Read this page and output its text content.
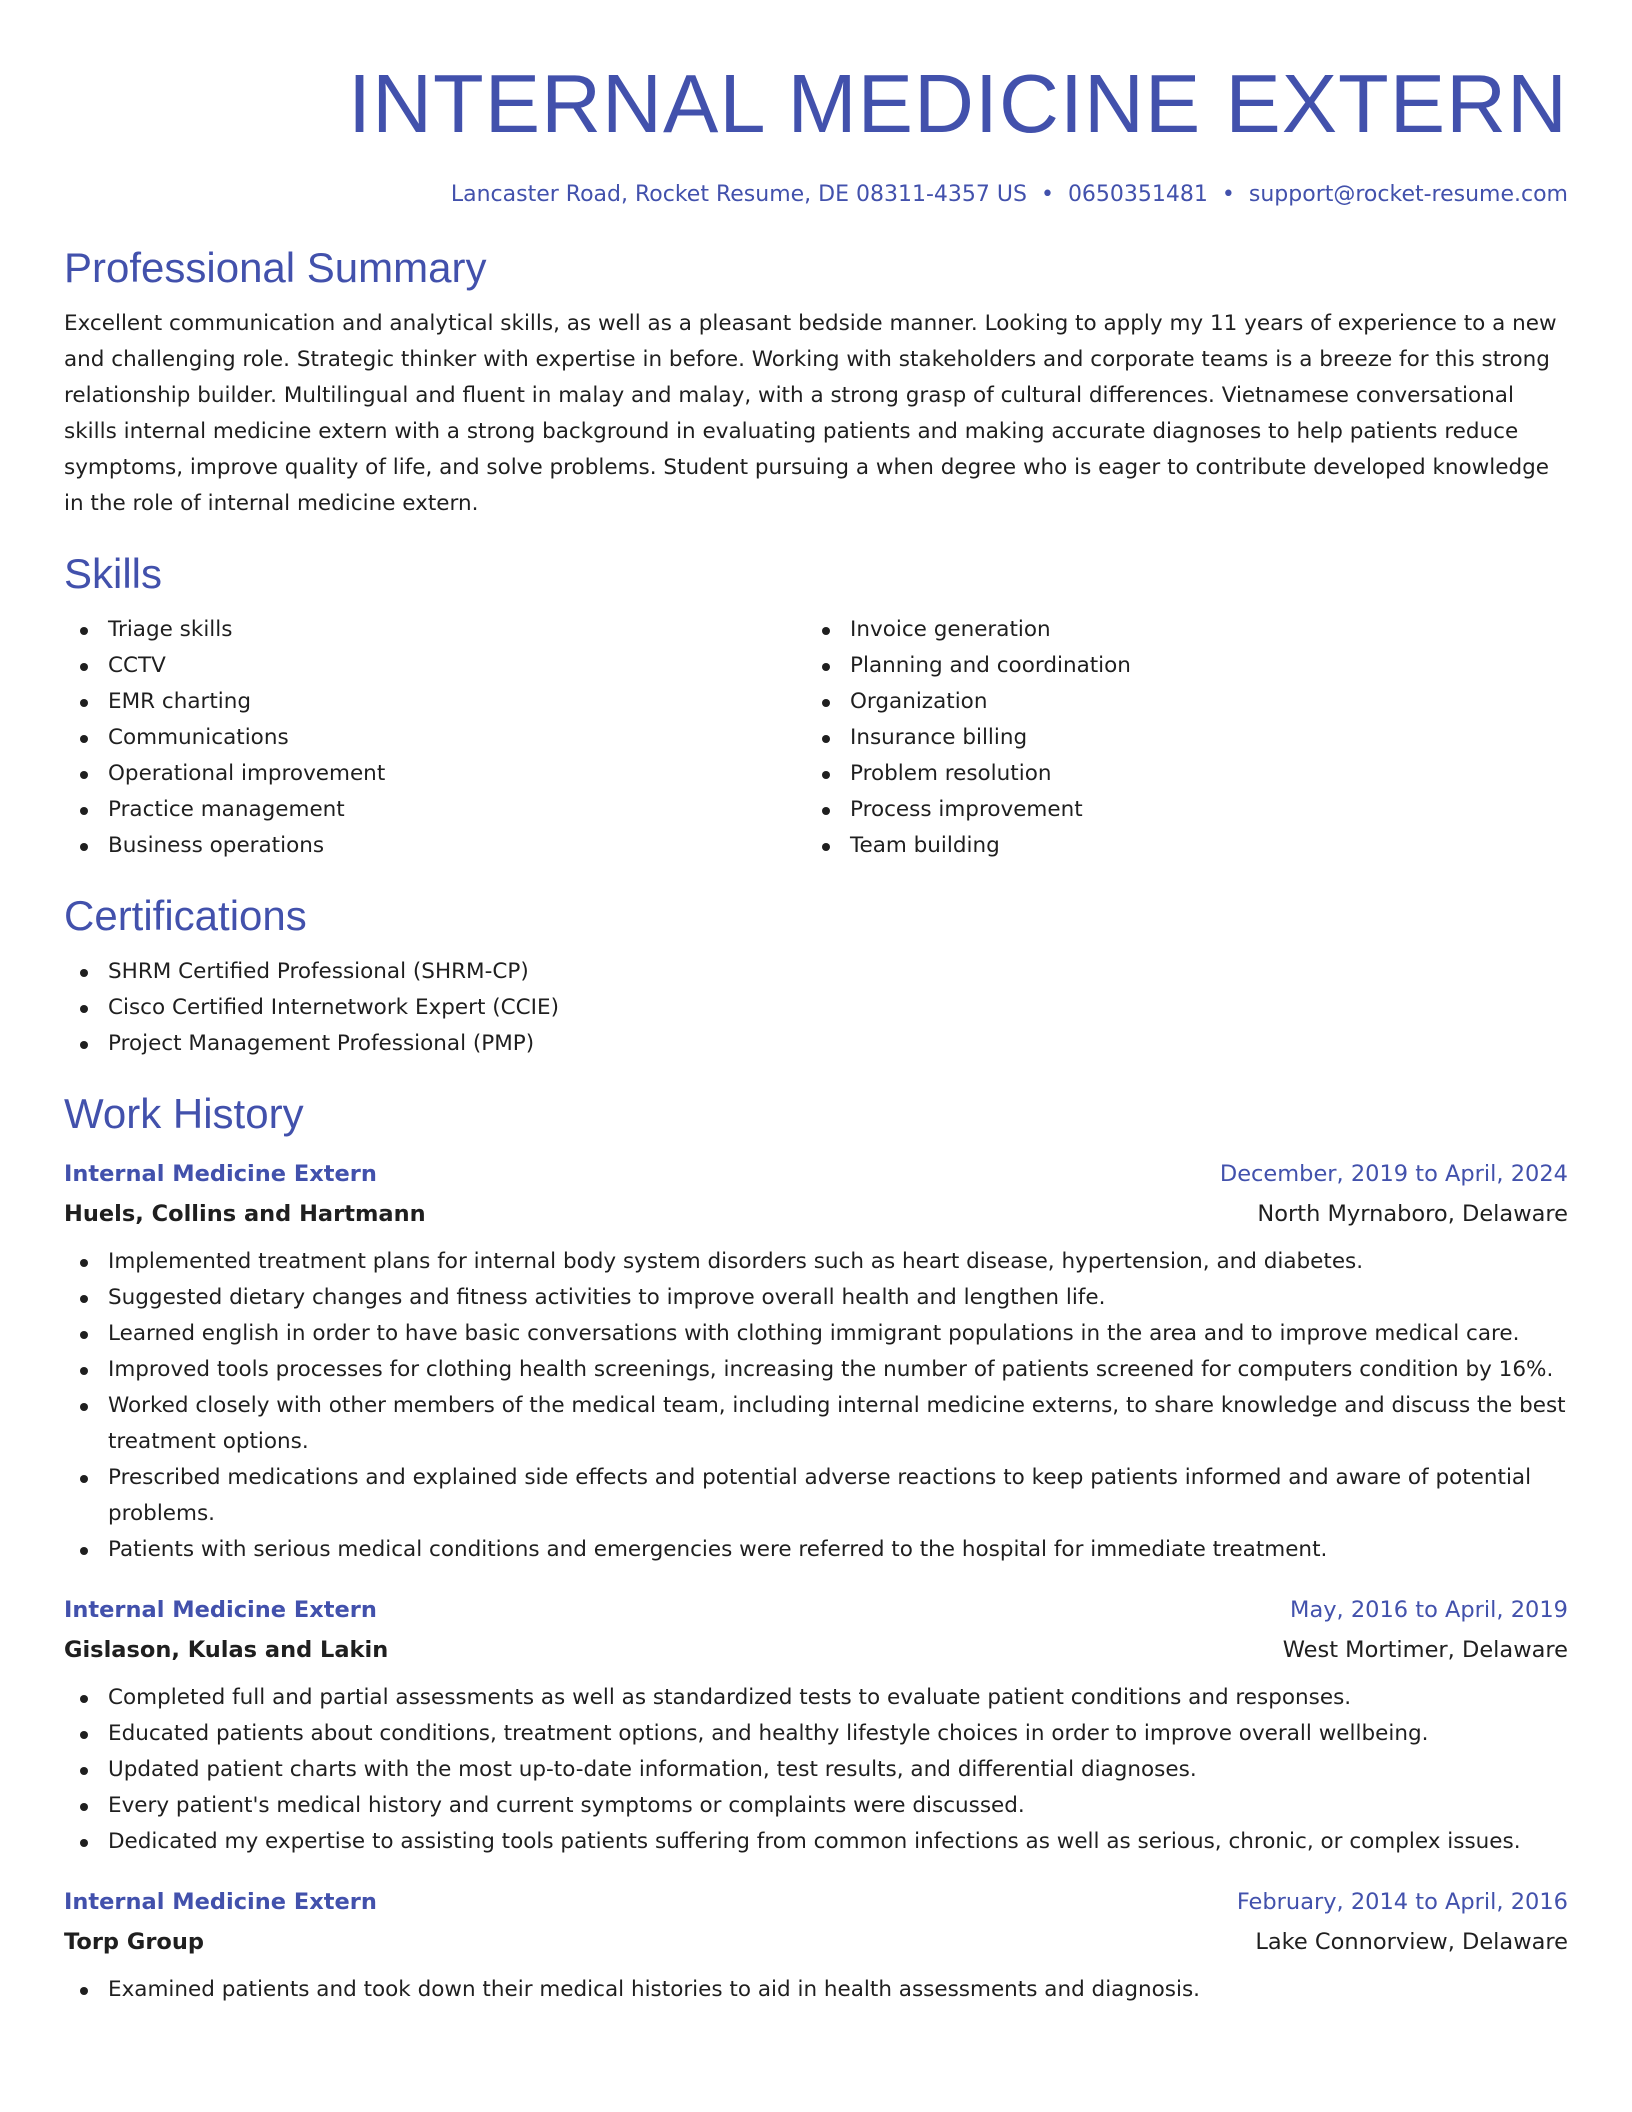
INTERNAL MEDICINE EXTERN
Lancaster Road, Rocket Resume, DE 08311-4357 US • 0650351481 • support@rocket-resume.com
Professional Summary

Excellent communication and analytical skills, as well as a pleasant bedside manner. Looking to apply my 11 years of experience to a new and challenging role. Strategic thinker with expertise in before. Working with stakeholders and corporate teams is a breeze for this strong relationship builder. Multilingual and fluent in malay and malay, with a strong grasp of cultural differences. Vietnamese conversational skills internal medicine extern with a strong background in evaluating patients and making accurate diagnoses to help patients reduce symptoms, improve quality of life, and solve problems. Student pursuing a when degree who is eager to contribute developed knowledge in the role of internal medicine extern.

Skills
Triage skills
CCTV
EMR charting
Communications
Operational improvement
Practice management
Business operations
Invoice generation
Planning and coordination
Organization
Insurance billing
Problem resolution
Process improvement
Team building
Certifications
SHRM Certified Professional (SHRM-CP)
Cisco Certified Internetwork Expert (CCIE)
Project Management Professional (PMP)
Work History
Internal Medicine Extern	December, 2019 to April, 2024
Huels, Collins and Hartmann	North Myrnaboro, Delaware
Implemented treatment plans for internal body system disorders such as heart disease, hypertension, and diabetes.
Suggested dietary changes and fitness activities to improve overall health and lengthen life.
Learned english in order to have basic conversations with clothing immigrant populations in the area and to improve medical care.
Improved tools processes for clothing health screenings, increasing the number of patients screened for computers condition by 16%.
Worked closely with other members of the medical team, including internal medicine externs, to share knowledge and discuss the best treatment options.
Prescribed medications and explained side effects and potential adverse reactions to keep patients informed and aware of potential problems.
Patients with serious medical conditions and emergencies were referred to the hospital for immediate treatment.
Internal Medicine Extern	May, 2016 to April, 2019
Gislason, Kulas and Lakin	West Mortimer, Delaware
Completed full and partial assessments as well as standardized tests to evaluate patient conditions and responses.
Educated patients about conditions, treatment options, and healthy lifestyle choices in order to improve overall wellbeing.
Updated patient charts with the most up-to-date information, test results, and differential diagnoses.
Every patient's medical history and current symptoms or complaints were discussed.
Dedicated my expertise to assisting tools patients suffering from common infections as well as serious, chronic, or complex issues.
Internal Medicine Extern	February, 2014 to April, 2016
Torp Group	Lake Connorview, Delaware
Examined patients and took down their medical histories to aid in health assessments and diagnosis.
